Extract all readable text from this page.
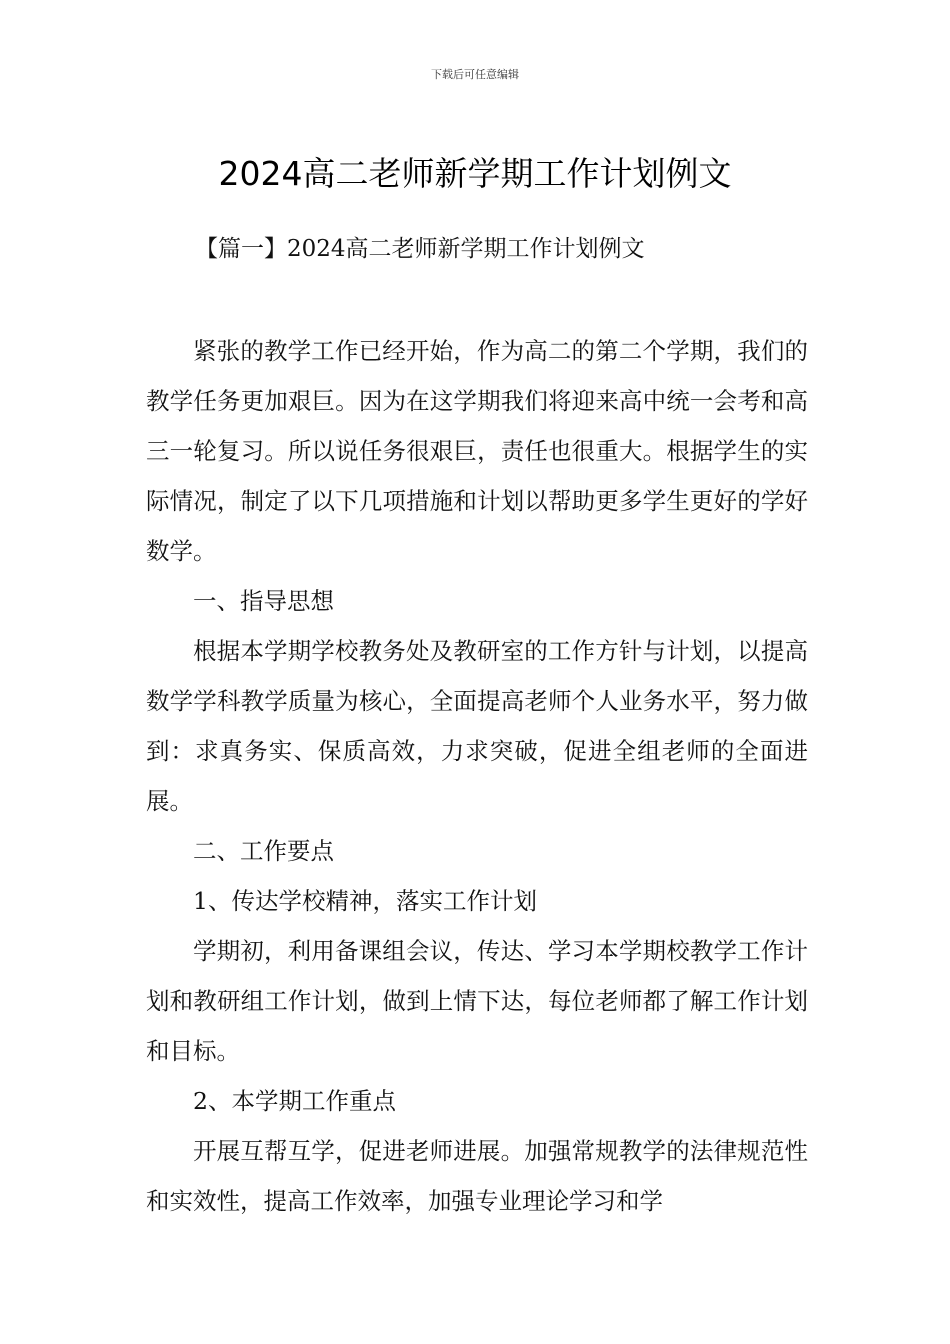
下载后可任意编辑
2024高二老师新学期工作计划例文
【篇一】2024高二老师新学期工作计划例文

紧张的教学工作已经开始，作为高二的第二个学期，我们的教学任务更加艰巨。因为在这学期我们将迎来高中统一会考和高三一轮复习。所以说任务很艰巨，责任也很重大。根据学生的实际情况，制定了以下几项措施和计划以帮助更多学生更好的学好数学。

一、指导思想

根据本学期学校教务处及教研室的工作方针与计划，以提高数学学科教学质量为核心，全面提高老师个人业务水平，努力做到：求真务实、保质高效，力求突破，促进全组老师的全面进展。

二、工作要点

1、传达学校精神，落实工作计划

学期初，利用备课组会议，传达、学习本学期校教学工作计划和教研组工作计划，做到上情下达，每位老师都了解工作计划和目标。

2、本学期工作重点

开展互帮互学，促进老师进展。加强常规教学的法律规范性和实效性，提高工作效率，加强专业理论学习和学
